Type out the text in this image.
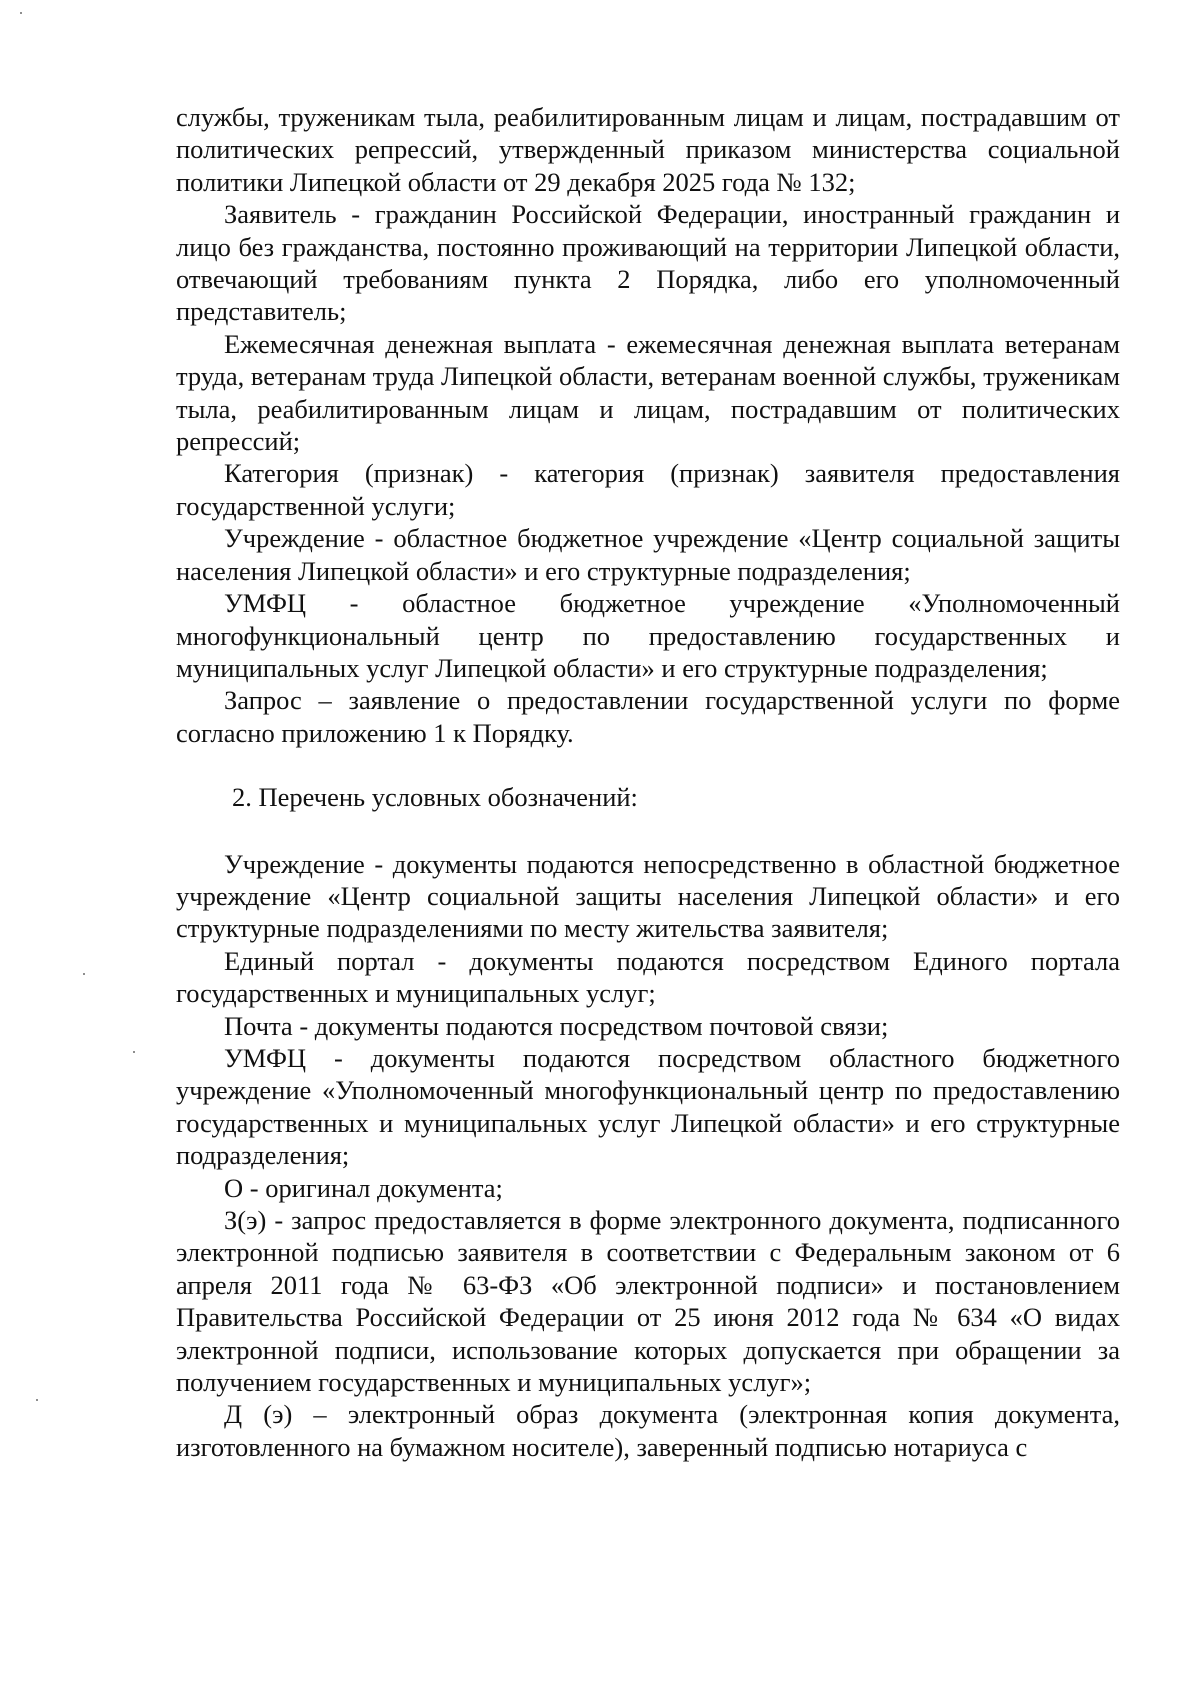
службы, труженикам тыла, реабилитированным лицам и лицам, пострадавшим от политических репрессий, утвержденный приказом министерства социальной политики Липецкой области от 29 декабря 2025 года № 132;

Заявитель - гражданин Российской Федерации, иностранный гражданин и лицо без гражданства, постоянно проживающий на территории Липецкой области, отвечающий требованиям пункта 2 Порядка, либо его уполномоченный представитель;

Ежемесячная денежная выплата - ежемесячная денежная выплата ветеранам труда, ветеранам труда Липецкой области, ветеранам военной службы, труженикам тыла, реабилитированным лицам и лицам, пострадавшим от политических репрессий;

Категория (признак) - категория (признак) заявителя предоставления государственной услуги;

Учреждение - областное бюджетное учреждение «Центр социальной защиты населения Липецкой области» и его структурные подразделения;

УМФЦ - областное бюджетное учреждение «Уполномоченный многофункциональный центр по предоставлению государственных и муниципальных услуг Липецкой области» и его структурные подразделения;

Запрос – заявление о предоставлении государственной услуги по форме согласно приложению 1 к Порядку.

2. Перечень условных обозначений:

Учреждение - документы подаются непосредственно в областной бюджетное учреждение «Центр социальной защиты населения Липецкой области» и его структурные подразделениями по месту жительства заявителя;

Единый портал - документы подаются посредством Единого портала государственных и муниципальных услуг;

Почта - документы подаются посредством почтовой связи;

УМФЦ - документы подаются посредством областного бюджетного учреждение «Уполномоченный многофункциональный центр по предоставлению государственных и муниципальных услуг Липецкой области» и его структурные подразделения;

О - оригинал документа;

З(э) - запрос предоставляется в форме электронного документа, подписанного электронной подписью заявителя в соответствии с Федеральным законом от 6 апреля 2011 года № 63-ФЗ «Об электронной подписи» и постановлением Правительства Российской Федерации от 25 июня 2012 года № 634 «О видах электронной подписи, использование которых допускается при обращении за получением государственных и муниципальных услуг»;

Д (э) – электронный образ документа (электронная копия документа, изготовленного на бумажном носителе), заверенный подписью нотариуса с
